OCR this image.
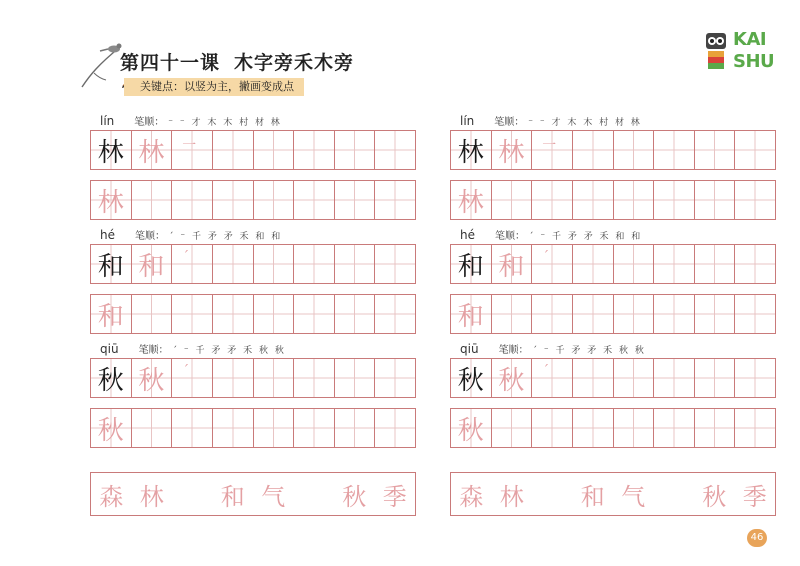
第四十一课 木字旁禾木旁
关键点：以竖为主，撇画变成点
KAI
SHU
lín 笔顺： ⁻ ⁻ 才 木 木 村 材 林
林 林	一
林
hé 笔顺： ´ ⁻ 千 矛 矛 禾 和 和
和 和	´
和
qiū 笔顺： ´ ⁻ 千 矛 矛 禾 秋 秋
秋 秋	´
秋
森 林	和 气	秋 季
lín 笔顺： ⁻ ⁻ 才 木 木 村 材 林
林 林	一
林
hé 笔顺： ´ ⁻ 千 矛 矛 禾 和 和
和 和	´
和
qiū 笔顺： ´ ⁻ 千 矛 矛 禾 秋 秋
秋 秋	´
秋
森 林	和 气	秋 季
46
